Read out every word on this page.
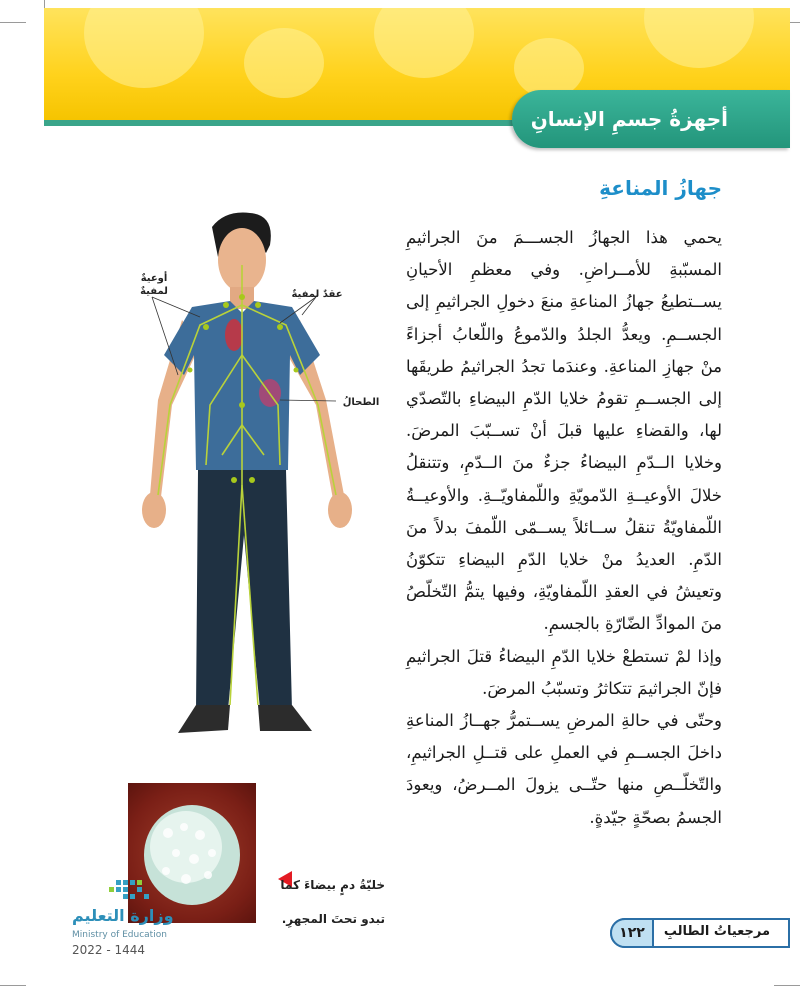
أجهزةُ جسمِ الإنسانِ
جهازُ المناعةِ

يحمي هذا الجهازُ الجســـمَ منَ الجراثيمِ المسبّبةِ للأمــراضِ. وفي معظمِ الأحيانِ يســتطيعُ جهازُ المناعةِ منعَ دخولِ الجراثيمِ إلى الجســمِ. ويعدُّ الجلدُ والدّموعُ واللّعابُ أجزاءً منْ جهازِ المناعةِ. وعندَما تجدُ الجراثيمُ طريقَها إلى الجســمِ تقومُ خلايا الدّمِ البيضاءِ بالتّصدّي لها، والقضاءِ عليها قبلَ أنْ تســبّبَ المرضَ. وخلايا الــدّمِ البيضاءُ جزءٌ منَ الــدّمِ، وتتنقلُ خلالَ الأوعيــةِ الدّمويّةِ واللّمفاويّــةِ. والأوعيــةُ اللّمفاويّةُ تنقلُ ســائلاً يســمّى اللّمفَ بدلاً منَ الدّمِ. العديدُ منْ خلايا الدّمِ البيضاءِ تتكوّنُ وتعيشُ في العقدِ اللّمفاويّةِ، وفيها يتمُّ التّخلّصُ منَ الموادِّ الضّارّةِ بالجسمِ.

وإذا لمْ تستطعْ خلايا الدّمِ البيضاءُ قتلَ الجراثيمِ فإنّ الجراثيمَ تتكاثرُ وتسبّبُ المرضَ.

وحتّى في حالةِ المرضِ يســتمرُّ جهــازُ المناعةِ داخلَ الجســمِ في العملِ على قتــلِ الجراثيمِ، والتّخلّــصِ منها حتّــى يزولَ المــرضُ، ويعودَ الجسمُ بصحّةٍ جيّدةٍ.

أوعيةٌ لمفيةٌ	عقدٌ لمفيةٌ
الطحالُ
خليّةُ دمٍ بيضاءَ كما
تبدو تحتَ المجهرِ.
وزارة التعليم
Ministry of Education
2022 - 1444
١٢٢	مرجعياتُ الطالبِ
